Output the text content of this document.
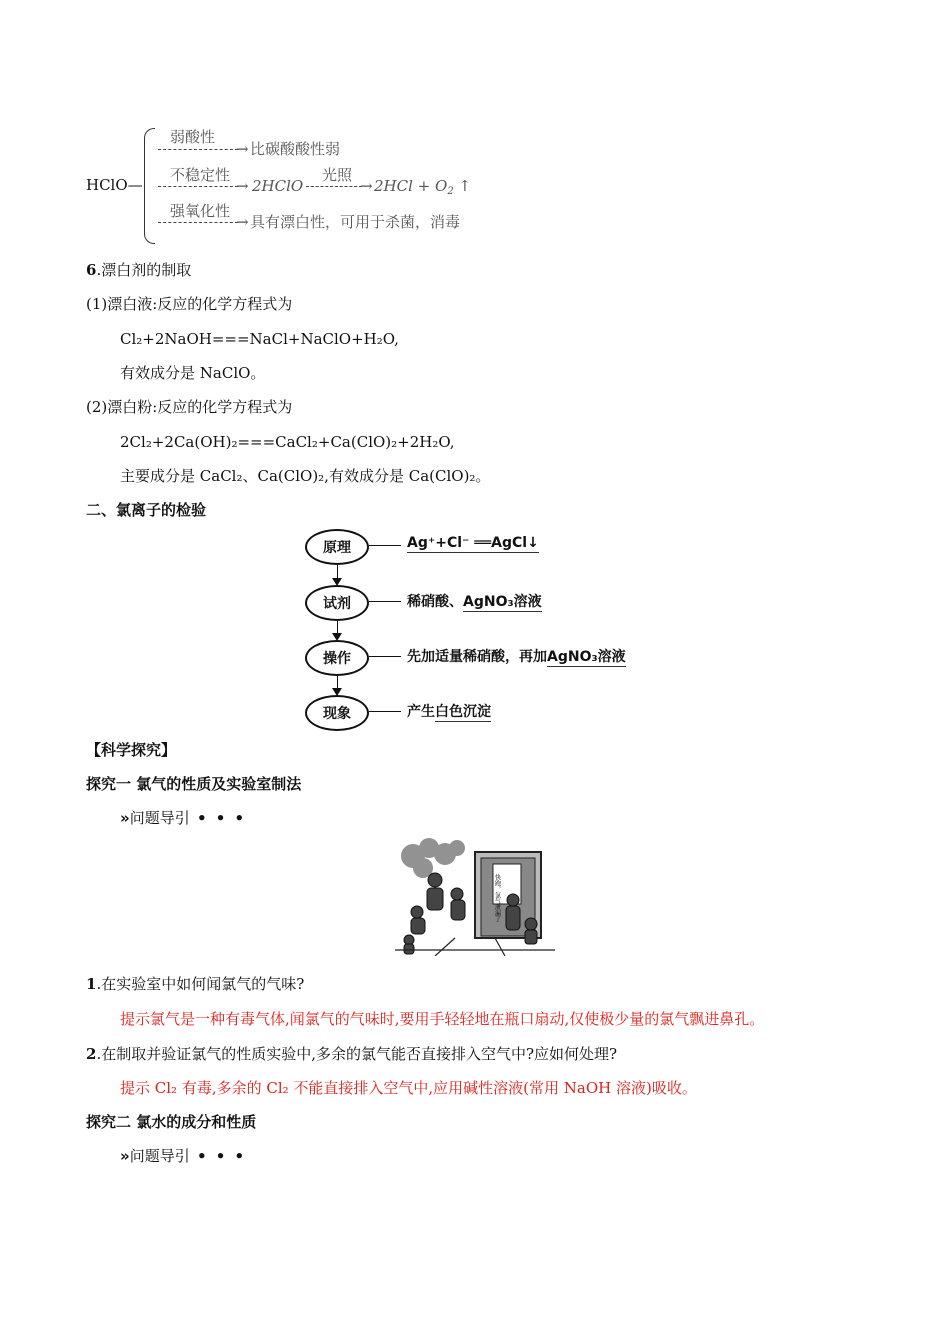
HClO—
弱酸性
→ 比碳酸酸性弱
不稳定性
→ 2HClO
光照
→ $2HCl + O_2$ ↑
强氧化性
→ 具有漂白性，可用于杀菌，消毒
6.漂白剂的制取
(1)漂白液:反应的化学方程式为
Cl₂+2NaOH===NaCl+NaClO+H₂O,
有效成分是 NaClO。
(2)漂白粉:反应的化学方程式为
2Cl₂+2Ca(OH)₂===CaCl₂+Ca(ClO)₂+2H₂O,
主要成分是 CaCl₂、Ca(ClO)₂,有效成分是 Ca(ClO)₂。
二、氯离子的检验
原理
试剂
操作
现象
Ag⁺+Cl⁻ ══AgCl↓
稀硝酸、AgNO₃溶液
先加适量稀硝酸，再加AgNO₃溶液
产生白色沉淀
【科学探究】
探究一 氯气的性质及实验室制法
»问题导引 • • •
快跑，氯气泄漏了
1.在实验室中如何闻氯气的气味?
提示氯气是一种有毒气体,闻氯气的气味时,要用手轻轻地在瓶口扇动,仅使极少量的氯气飘进鼻孔。
2.在制取并验证氯气的性质实验中,多余的氯气能否直接排入空气中?应如何处理?
提示 Cl₂ 有毒,多余的 Cl₂ 不能直接排入空气中,应用碱性溶液(常用 NaOH 溶液)吸收。
探究二 氯水的成分和性质
»问题导引 • • •
